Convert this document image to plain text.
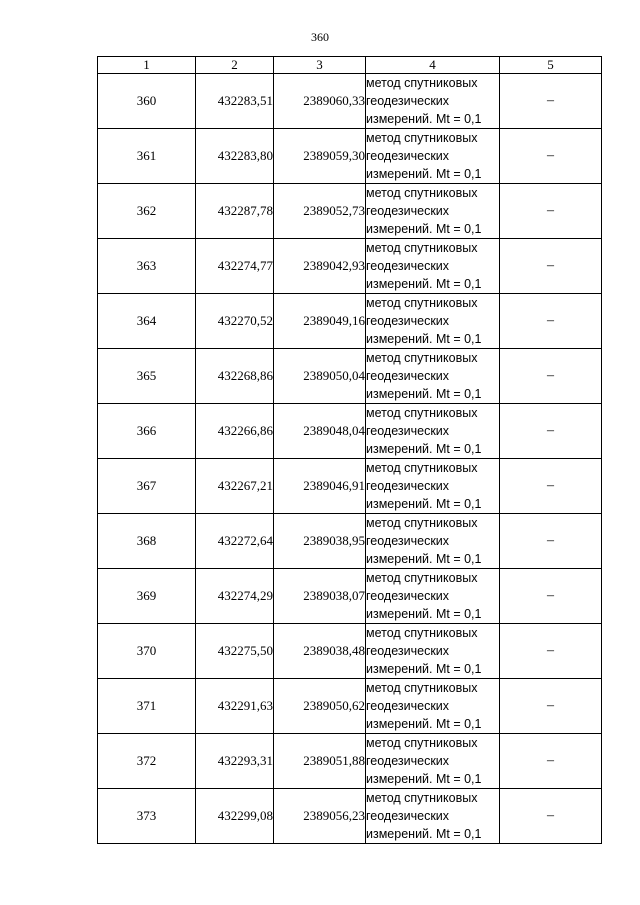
360
1	2	3	4	5
360	432283,51	2389060,33	метод спутниковых
геодезических
измерений. Mt = 0,1	–
361	432283,80	2389059,30	метод спутниковых
геодезических
измерений. Mt = 0,1	–
362	432287,78	2389052,73	метод спутниковых
геодезических
измерений. Mt = 0,1	–
363	432274,77	2389042,93	метод спутниковых
геодезических
измерений. Mt = 0,1	–
364	432270,52	2389049,16	метод спутниковых
геодезических
измерений. Mt = 0,1	–
365	432268,86	2389050,04	метод спутниковых
геодезических
измерений. Mt = 0,1	–
366	432266,86	2389048,04	метод спутниковых
геодезических
измерений. Mt = 0,1	–
367	432267,21	2389046,91	метод спутниковых
геодезических
измерений. Mt = 0,1	–
368	432272,64	2389038,95	метод спутниковых
геодезических
измерений. Mt = 0,1	–
369	432274,29	2389038,07	метод спутниковых
геодезических
измерений. Mt = 0,1	–
370	432275,50	2389038,48	метод спутниковых
геодезических
измерений. Mt = 0,1	–
371	432291,63	2389050,62	метод спутниковых
геодезических
измерений. Mt = 0,1	–
372	432293,31	2389051,88	метод спутниковых
геодезических
измерений. Mt = 0,1	–
373	432299,08	2389056,23	метод спутниковых
геодезических
измерений. Mt = 0,1	–
